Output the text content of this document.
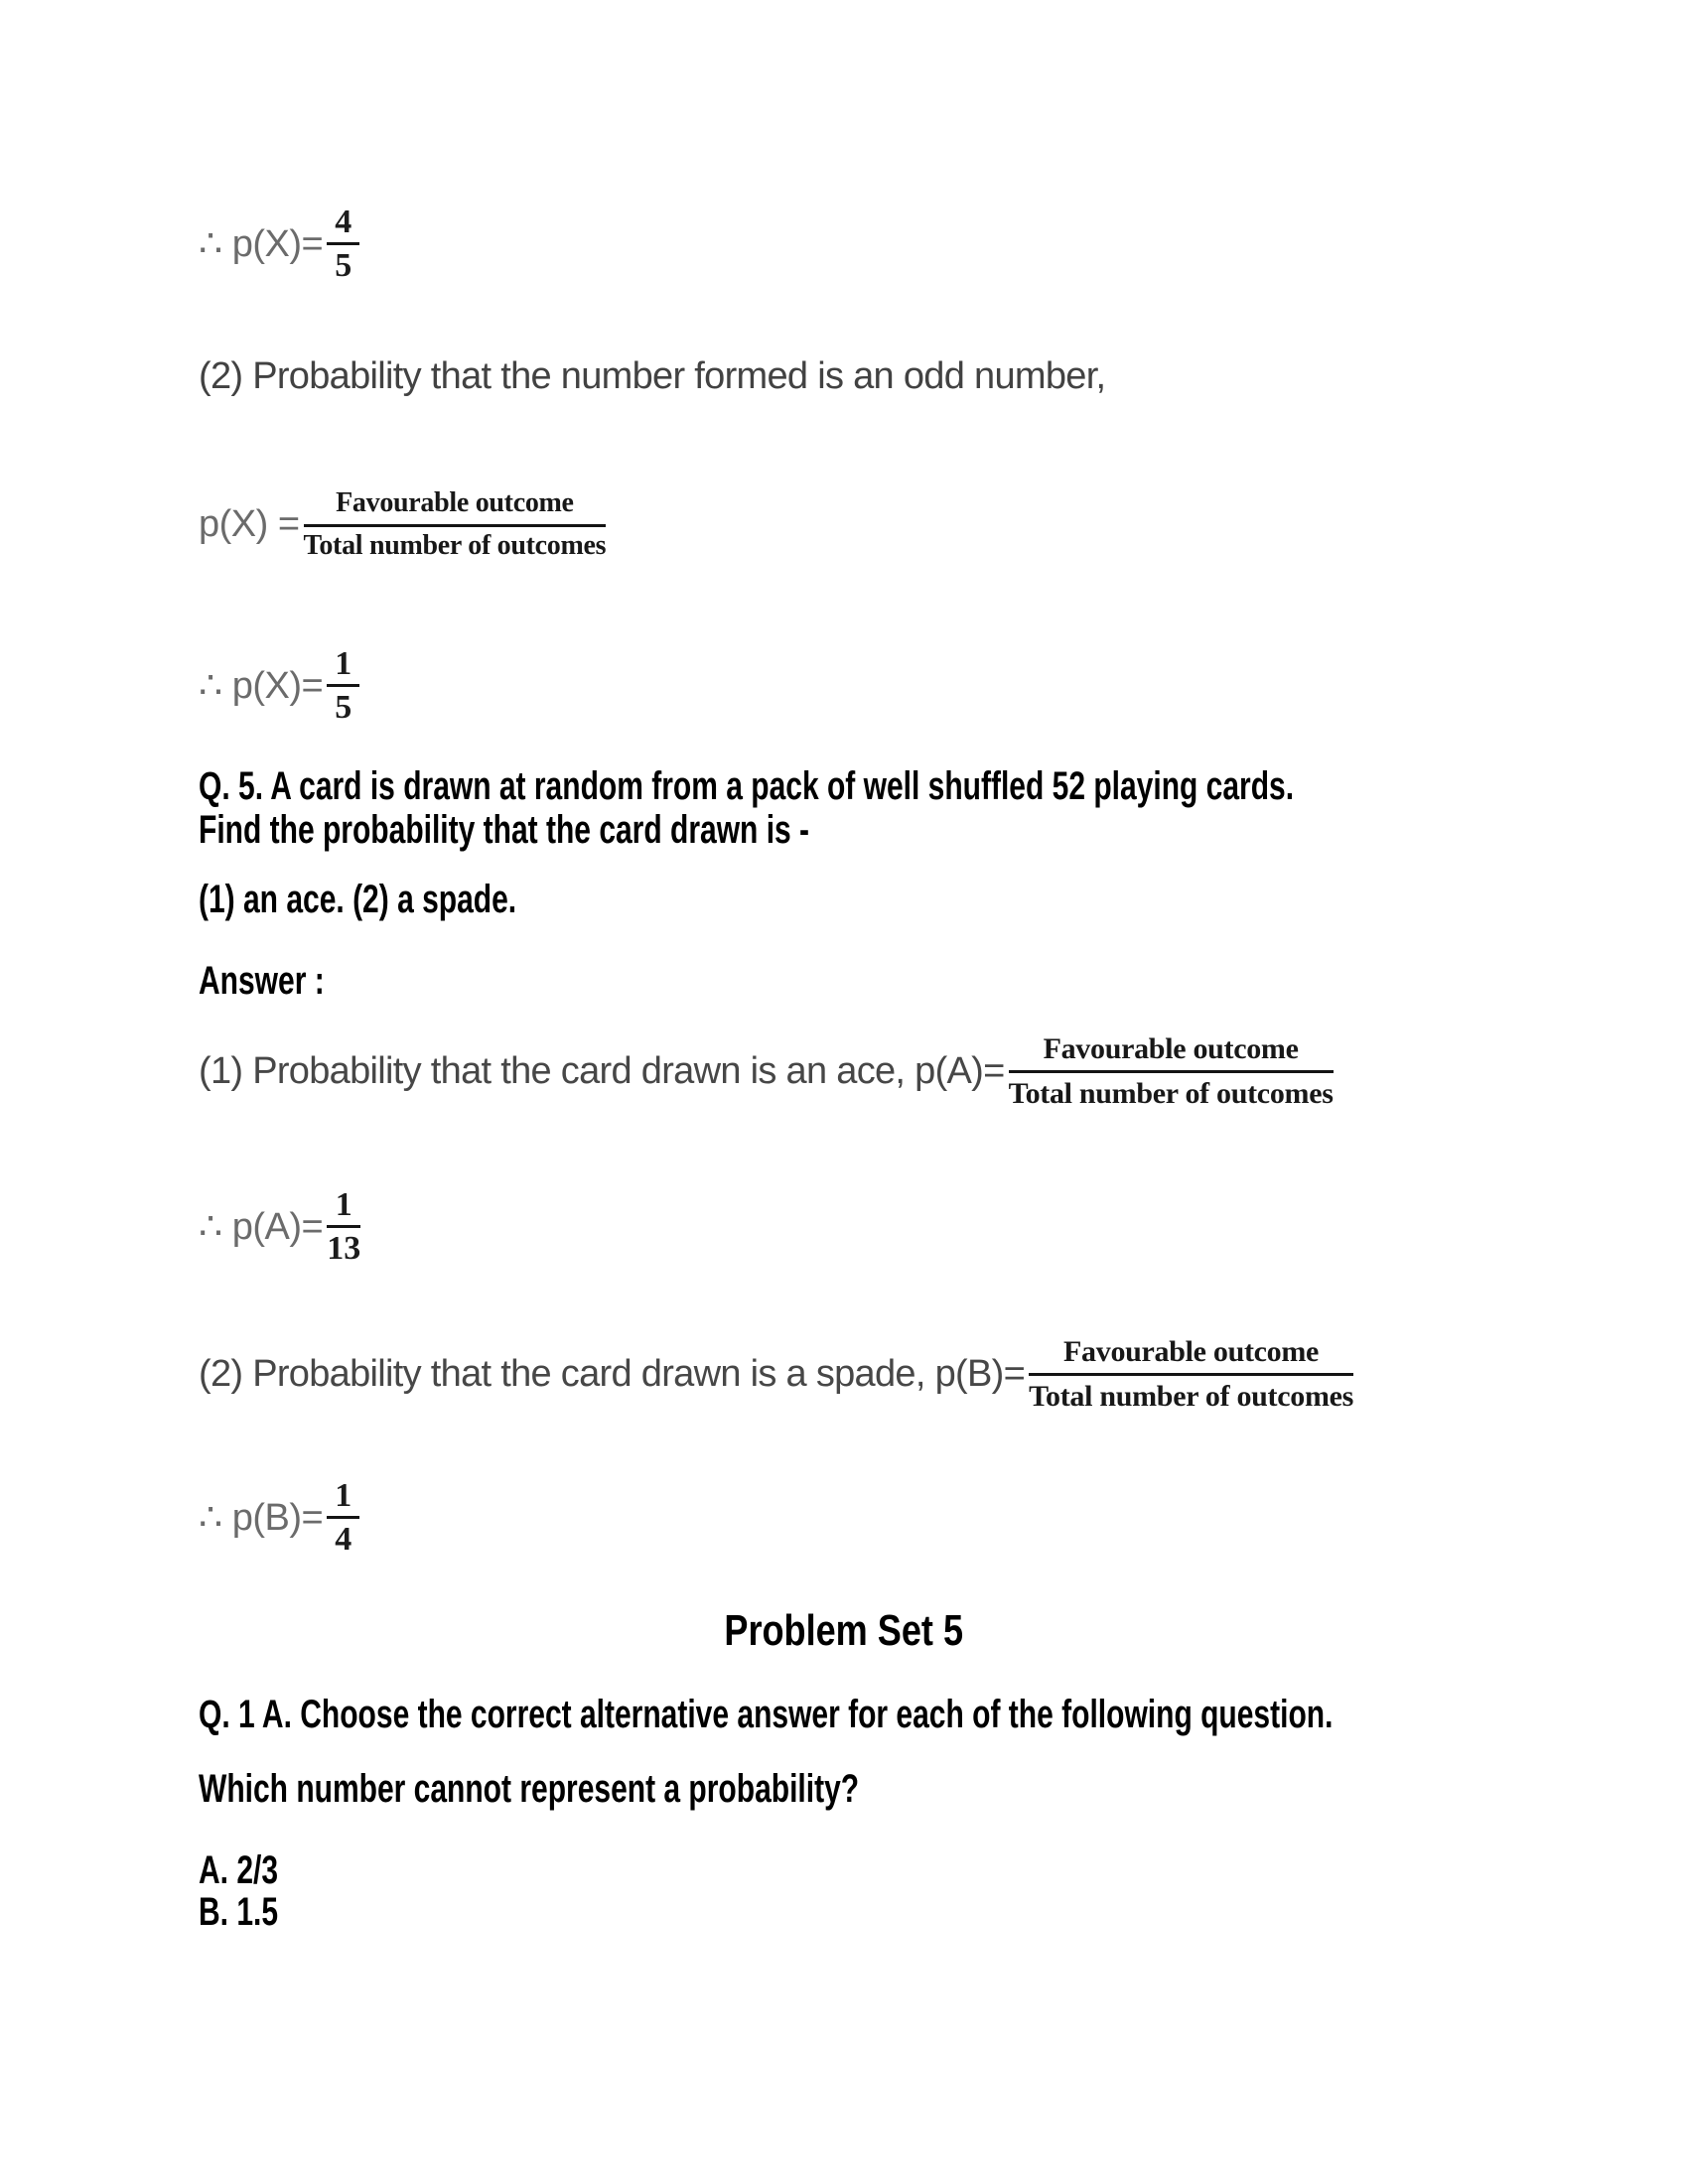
∴ $p(X)= \frac{4}{5}$
(2) Probability that the number formed is an odd number,
$p(X) = \frac{\text{Favourable outcome}}{\text{Total number of outcomes}}$
∴ $p(X)= \frac{1}{5}$
Q. 5. A card is drawn at random from a pack of well shuffled 52 playing cards.
Find the probability that the card drawn is -
(1) an ace. (2) a spade.
Answer :
(1) Probability that the card drawn is an ace, $p(A)= \frac{\text{Favourable outcome}}{\text{Total number of outcomes}}$
∴ $p(A)= \frac{1}{13}$
(2) Probability that the card drawn is a spade, $p(B)= \frac{\text{Favourable outcome}}{\text{Total number of outcomes}}$
∴ $p(B)= \frac{1}{4}$
Problem Set 5
Q. 1 A. Choose the correct alternative answer for each of the following question.
Which number cannot represent a probability?
A. 2/3
B. 1.5
